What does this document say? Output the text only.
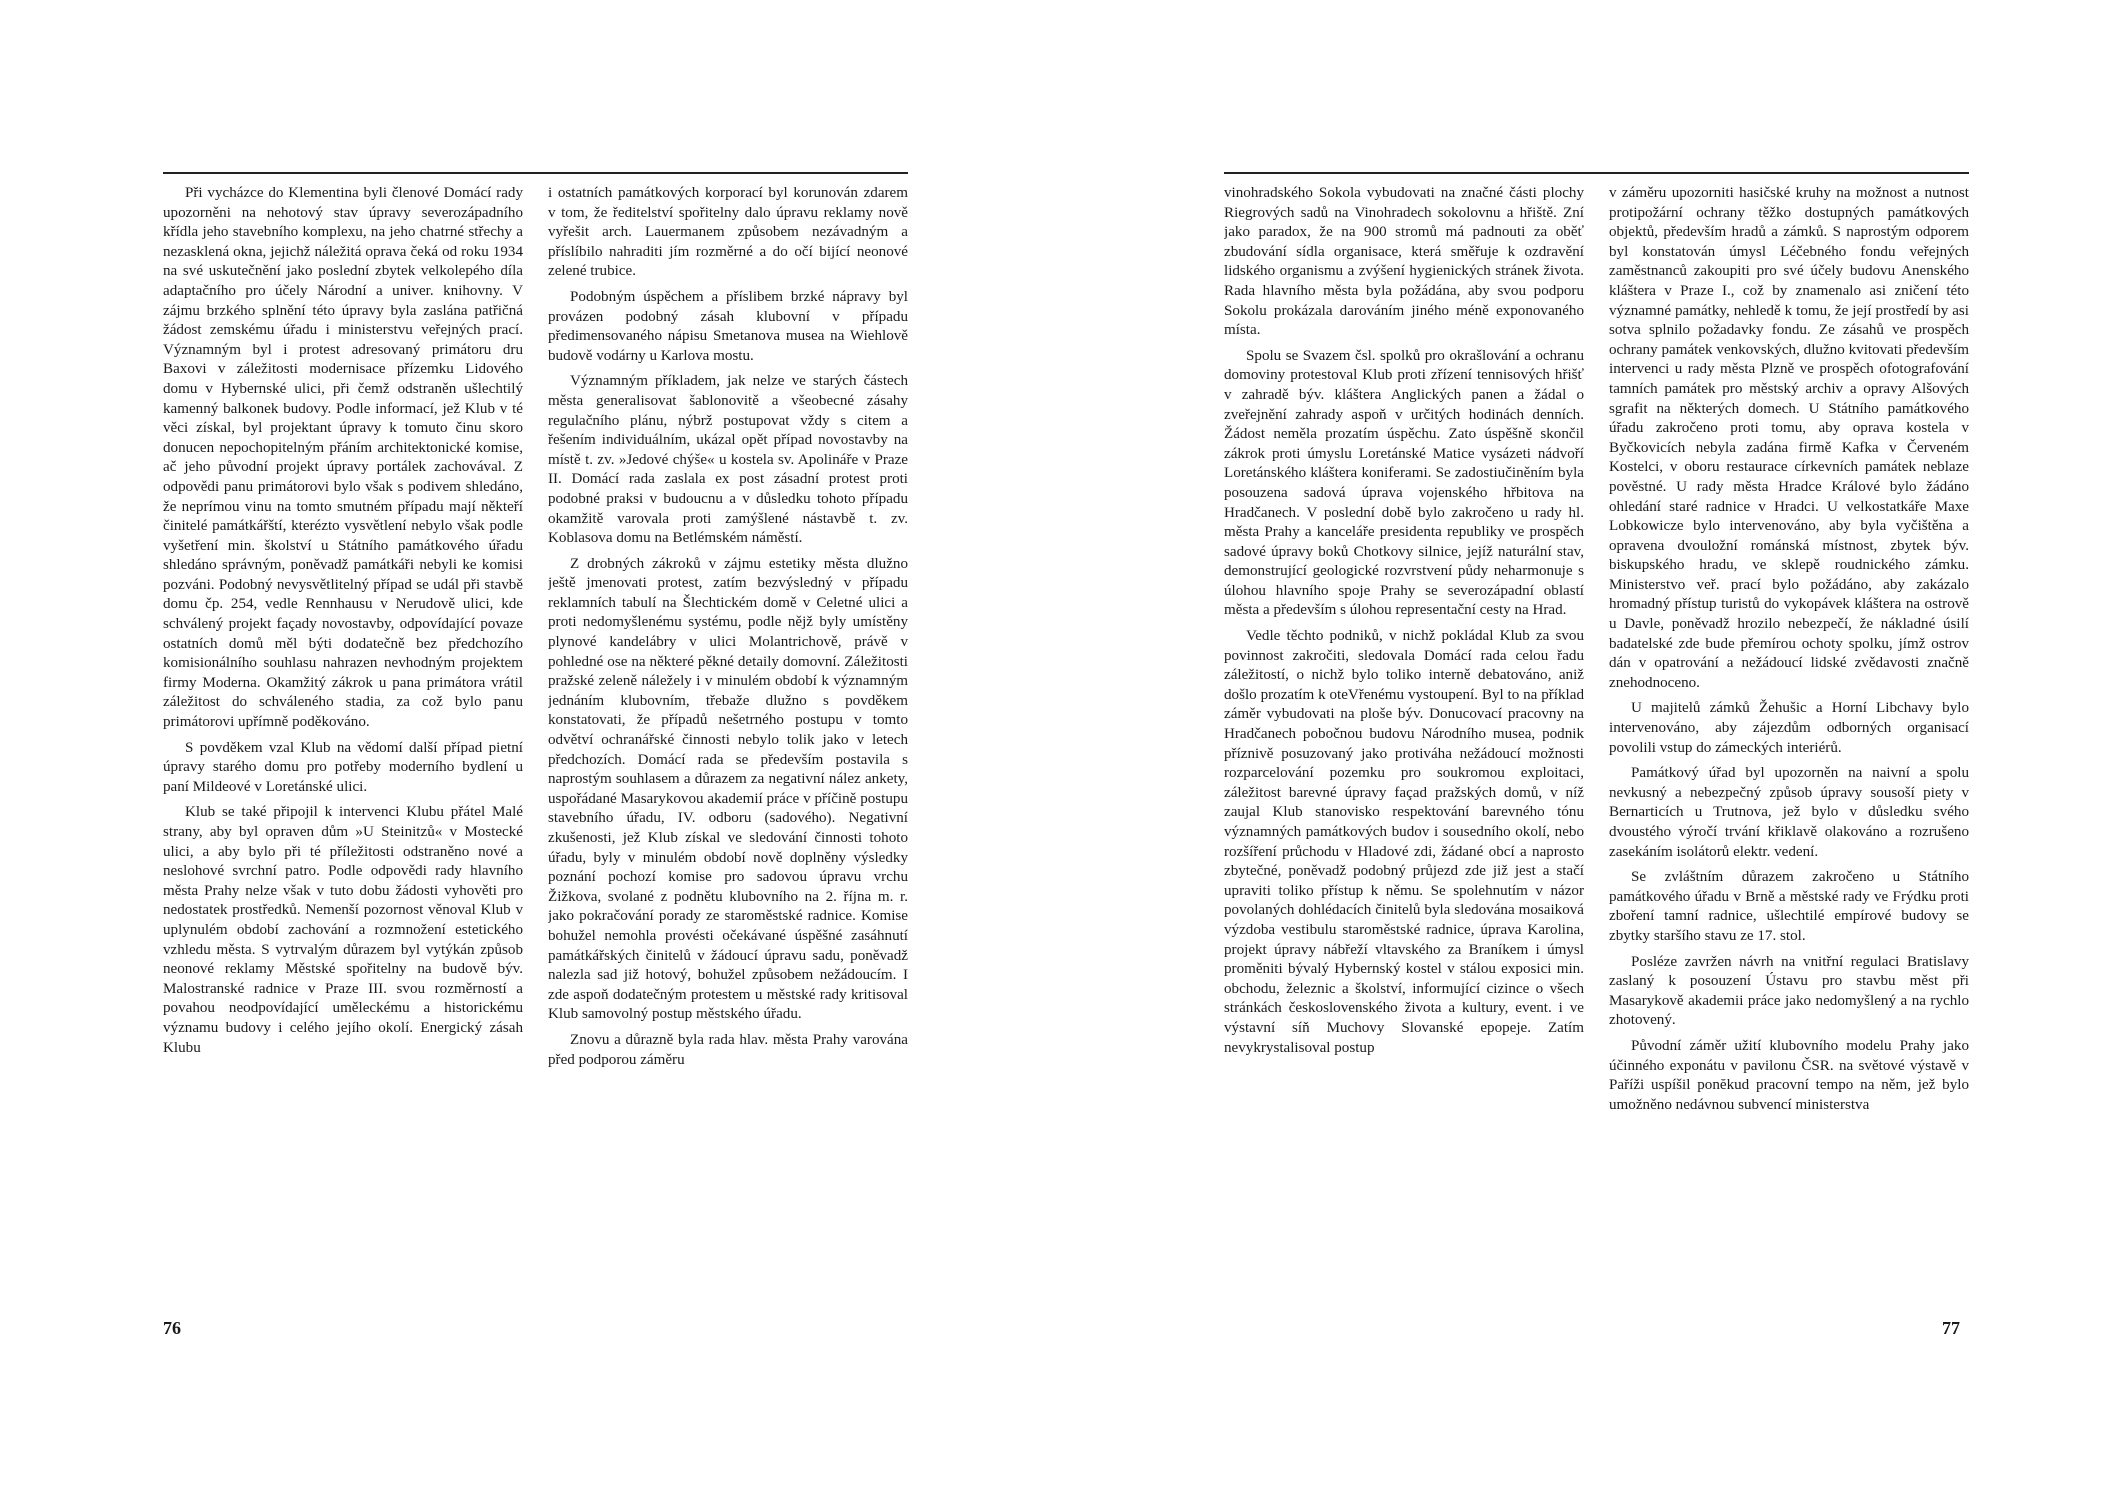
Při vycházce do Klementina byli členové Domácí rady upozorněni na nehotový stav úpravy severozápadního křídla jeho stavebního komplexu, na jeho chatrné střechy a nezasklená okna, jejichž náležitá oprava čeká od roku 1934 na své uskutečnění jako poslední zbytek velkolepého díla adaptačního pro účely Národní a univer. knihovny. V zájmu brzkého splnění této úpravy byla zaslána patřičná žádost zemskému úřadu i ministerstvu veřejných prací. Významným byl i protest adresovaný primátoru dru Baxovi v záležitosti modernisace přízemku Lidového domu v Hybernské ulici, při čemž odstraněn ušlechtilý kamenný balkonek budovy. Podle informací, jež Klub v té věci získal, byl projektant úpravy k tomuto činu skoro donucen nepochopitelným přáním architektonické komise, ač jeho původní projekt úpravy portálek zachovával. Z odpovědi panu primátorovi bylo však s podivem shledáno, že neprímou vinu na tomto smutném případu mají někteří činitelé památkářští, kterézto vysvětlení nebylo však podle vyšetření min. školství u Státního památkového úřadu shledáno správným, poněvadž památkáři nebyli ke komisi pozváni. Podobný nevysvětlitelný případ se udál při stavbě domu čp. 254, vedle Rennhausu v Nerudově ulici, kde schválený projekt façady novostavby, odpovídající povaze ostatních domů měl býti dodatečně bez předchozího komisionálního souhlasu nahrazen nevhodným projektem firmy Moderna. Okamžitý zákrok u pana primátora vrátil záležitost do schváleného stadia, za což bylo panu primátorovi upřímně poděkováno.

S povděkem vzal Klub na vědomí další případ pietní úpravy starého domu pro potřeby moderního bydlení u paní Mildeové v Loretánské ulici.

Klub se také připojil k intervenci Klubu přátel Malé strany, aby byl opraven dům »U Steinitzů« v Mostecké ulici, a aby bylo při té příležitosti odstraněno nové a neslohové svrchní patro. Podle odpovědi rady hlavního města Prahy nelze však v tuto dobu žádosti vyhověti pro nedostatek prostředků. Nemenší pozornost věnoval Klub v uplynulém období zachování a rozmnožení estetického vzhledu města. S vytrvalým důrazem byl vytýkán způsob neonové reklamy Městské spořitelny na budově býv. Malostranské radnice v Praze III. svou rozměrností a povahou neodpovídající uměleckému a historickému významu budovy i celého jejího okolí. Energický zásah Klubu

i ostatních památkových korporací byl korunován zdarem v tom, že ředitelství spořitelny dalo úpravu reklamy nově vyřešit arch. Lauermanem způsobem nezávadným a příslíbilo nahraditi jím rozměrné a do očí bijící neonové zelené trubice.

Podobným úspěchem a příslibem brzké nápravy byl provázen podobný zásah klubovní v případu předimensovaného nápisu Smetanova musea na Wiehlově budově vodárny u Karlova mostu.

Významným příkladem, jak nelze ve starých částech města generalisovat šablonovitě a všeobecné zásahy regulačního plánu, nýbrž postupovat vždy s citem a řešením individuálním, ukázal opět případ novostavby na místě t. zv. »Jedové chýše« u kostela sv. Apolináře v Praze II. Domácí rada zaslala ex post zásadní protest proti podobné praksi v budoucnu a v důsledku tohoto případu okamžitě varovala proti zamýšlené nástavbě t. zv. Koblasova domu na Betlémském náměstí.

Z drobných zákroků v zájmu estetiky města dlužno ještě jmenovati protest, zatím bezvýsledný v případu reklamních tabulí na Šlechtickém domě v Celetné ulici a proti nedomyšlenému systému, podle nějž byly umístěny plynové kandelábry v ulici Molantrichově, právě v pohledné ose na některé pěkné detaily domovní. Záležitosti pražské zeleně náležely i v minulém období k významným jednáním klubovním, třebaže dlužno s povděkem konstatovati, že případů nešetrného postupu v tomto odvětví ochranářské činnosti nebylo tolik jako v letech předchozích. Domácí rada se především postavila s naprostým souhlasem a důrazem za negativní nález ankety, uspořádané Masarykovou akademií práce v příčině postupu stavebního úřadu, IV. odboru (sadového). Negativní zkušenosti, jež Klub získal ve sledování činnosti tohoto úřadu, byly v minulém období nově doplněny výsledky poznání pochozí komise pro sadovou úpravu vrchu Žižkova, svolané z podnětu klubovního na 2. října m. r. jako pokračování porady ze staroměstské radnice. Komise bohužel nemohla provésti očekávané úspěšné zasáhnutí památkářských činitelů v žádoucí úpravu sadu, poněvadž nalezla sad již hotový, bohužel způsobem nežádoucím. I zde aspoň dodatečným protestem u městské rady kritisoval Klub samovolný postup městského úřadu.

Znovu a důrazně byla rada hlav. města Prahy varována před podporou záměru

76

vinohradského Sokola vybudovati na značné části plochy Riegrových sadů na Vinohradech sokolovnu a hřiště. Zní jako paradox, že na 900 stromů má padnouti za oběť zbudování sídla organisace, která směřuje k ozdravění lidského organismu a zvýšení hygienických stránek života. Rada hlavního města byla požádána, aby svou podporu Sokolu prokázala darováním jiného méně exponovaného místa.

Spolu se Svazem čsl. spolků pro okrašlování a ochranu domoviny protestoval Klub proti zřízení tennisových hřišť v zahradě býv. kláštera Anglických panen a žádal o zveřejnění zahrady aspoň v určitých hodinách denních. Žádost neměla prozatím úspěchu. Zato úspěšně skončil zákrok proti úmyslu Loretánské Matice vysázeti nádvoří Loretánského kláštera koniferami. Se zadostiučiněním byla posouzena sadová úprava vojenského hřbitova na Hradčanech. V poslední době bylo zakročeno u rady hl. města Prahy a kanceláře presidenta republiky ve prospěch sadové úpravy boků Chotkovy silnice, jejíž naturální stav, demonstrující geologické rozvrstvení půdy neharmonuje s úlohou hlavního spoje Prahy se severozápadní oblastí města a především s úlohou representační cesty na Hrad.

Vedle těchto podniků, v nichž pokládal Klub za svou povinnost zakročiti, sledovala Domácí rada celou řadu záležitostí, o nichž bylo toliko interně debatováno, aniž došlo prozatím k oteVřenému vystoupení. Byl to na příklad záměr vybudovati na ploše býv. Donucovací pracovny na Hradčanech pobočnou budovu Národního musea, podnik příznivě posuzovaný jako protiváha nežádoucí možnosti rozparcelování pozemku pro soukromou exploitaci, záležitost barevné úpravy façad pražských domů, v níž zaujal Klub stanovisko respektování barevného tónu významných památkových budov i sousedního okolí, nebo rozšíření průchodu v Hladové zdi, žádané obcí a naprosto zbytečné, poněvadž podobný průjezd zde již jest a stačí upraviti toliko přístup k němu. Se spolehnutím v názor povolaných dohlédacích činitelů byla sledována mosaiková výzdoba vestibulu staroměstské radnice, úprava Karolina, projekt úpravy nábřeží vltavského za Braníkem i úmysl proměniti bývalý Hybernský kostel v stálou exposici min. obchodu, železnic a školství, informující cizince o všech stránkách československého života a kultury, event. i ve výstavní síň Muchovy Slovanské epopeje. Zatím nevykrystalisoval postup

v záměru upozorniti hasičské kruhy na možnost a nutnost protipožární ochrany těžko dostupných památkových objektů, především hradů a zámků. S naprostým odporem byl konstatován úmysl Léčebného fondu veřejných zaměstnanců zakoupiti pro své účely budovu Anenského kláštera v Praze I., což by znamenalo asi zničení této významné památky, nehledě k tomu, že její prostředí by asi sotva splnilo požadavky fondu. Ze zásahů ve prospěch ochrany památek venkovských, dlužno kvitovati především intervenci u rady města Plzně ve prospěch ofotografování tamních památek pro městský archiv a opravy Alšových sgrafit na některých domech. U Státního památkového úřadu zakročeno proti tomu, aby oprava kostela v Byčkovicích nebyla zadána firmě Kafka v Červeném Kostelci, v oboru restaurace církevních památek neblaze pověstné. U rady města Hradce Králové bylo žádáno ohledání staré radnice v Hradci. U velkostatkáře Maxe Lobkowicze bylo intervenováno, aby byla vyčištěna a opravena dvouložní románská místnost, zbytek býv. biskupského hradu, ve sklepě roudnického zámku. Ministerstvo veř. prací bylo požádáno, aby zakázalo hromadný přístup turistů do vykopávek kláštera na ostrově u Davle, poněvadž hrozilo nebezpečí, že nákladné úsilí badatelské zde bude přemírou ochoty spolku, jímž ostrov dán v opatrování a nežádoucí lidské zvědavosti značně znehodnoceno.

U majitelů zámků Žehušic a Horní Libchavy bylo intervenováno, aby zájezdům odborných organisací povolili vstup do zámeckých interiérů.

Památkový úřad byl upozorněn na naivní a spolu nevkusný a nebezpečný způsob úpravy sousoší piety v Bernarticích u Trutnova, jež bylo v důsledku svého dvoustého výročí trvání křiklavě olakováno a rozrušeno zasekáním isolátorů elektr. vedení.

Se zvláštním důrazem zakročeno u Státního památkového úřadu v Brně a městské rady ve Frýdku proti zboření tamní radnice, ušlechtilé empírové budovy se zbytky staršího stavu ze 17. stol.

Posléze zavržen návrh na vnitřní regulaci Bratislavy zaslaný k posouzení Ústavu pro stavbu měst při Masarykově akademii práce jako nedomyšlený a na rychlo zhotovený.

Původní záměr užití klubovního modelu Prahy jako účinného exponátu v pavilonu ČSR. na světové výstavě v Paříži uspíšil ponĕkud pracovní tempo na něm, jež bylo umožněno nedávnou subvencí ministerstva

77
